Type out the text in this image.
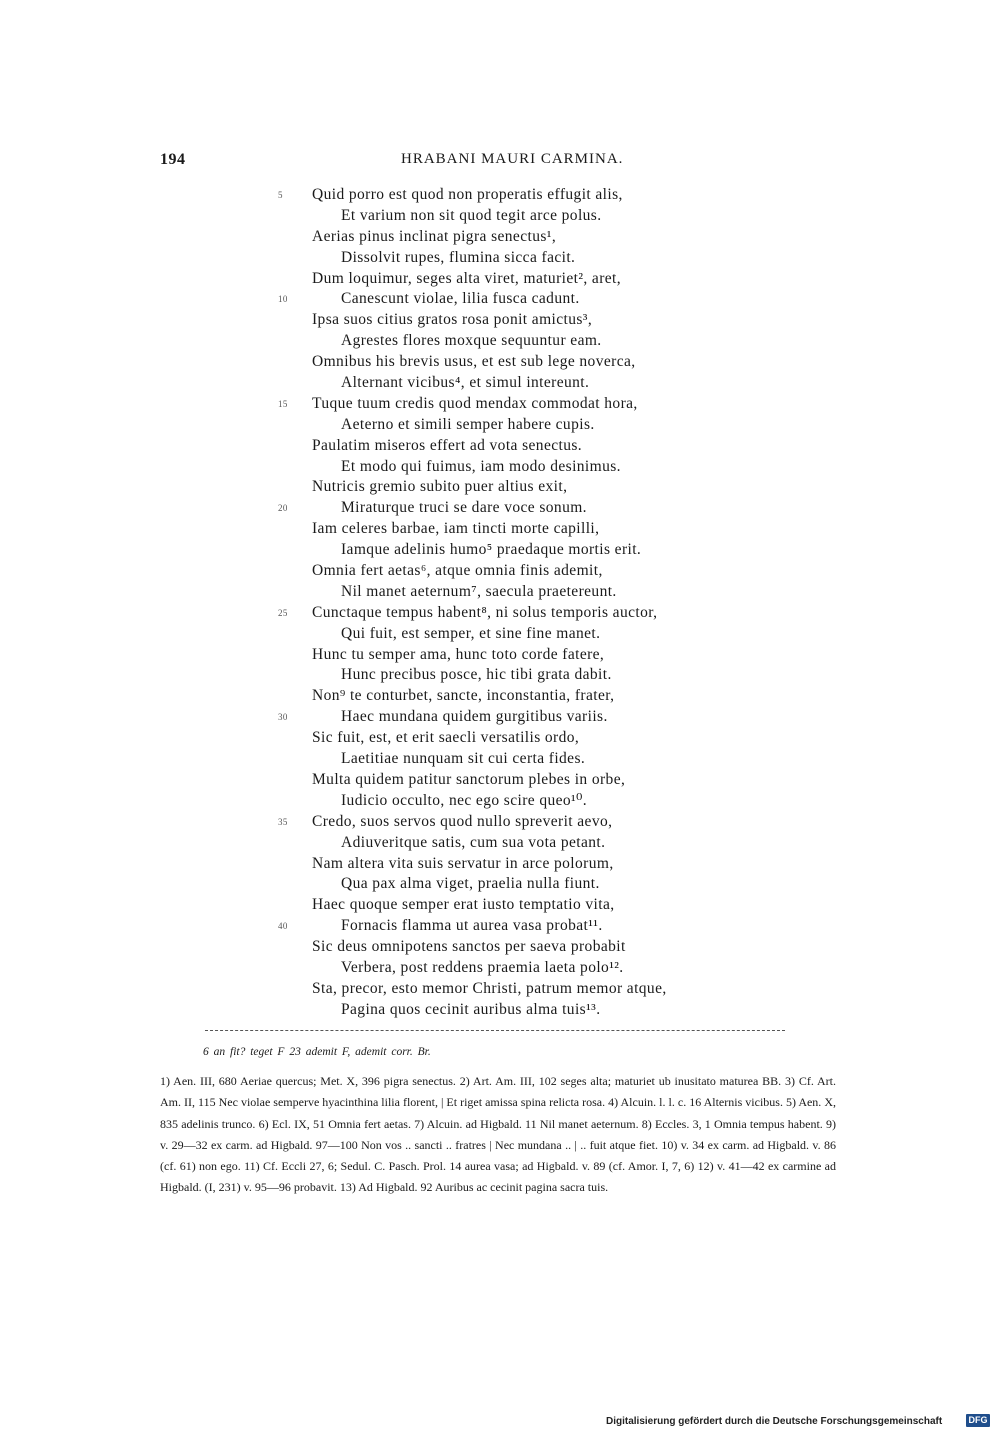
194	HRABANI MAURI CARMINA.
5 Quid porro est quod non properatis effugit alis,
Et varium non sit quod tegit arce polus.
Aerias pinus inclinat pigra senectus¹,
Dissolvit rupes, flumina sicca facit.
Dum loquimur, seges alta viret, maturiet², aret,
10	Canescunt violae, lilia fusca cadunt.
Ipsa suos citius gratos rosa ponit amictus³,
Agrestes flores moxque sequuntur eam.
Omnibus his brevis usus, et est sub lege noverca,
Alternant vicibus⁴, et simul intereunt.
15 Tuque tuum credis quod mendax commodat hora,
Aeterno et simili semper habere cupis.
Paulatim miseros effert ad vota senectus.
Et modo qui fuimus, iam modo desinimus.
Nutricis gremio subito puer altius exit,
20	Miraturque truci se dare voce sonum.
Iam celeres barbae, iam tincti morte capilli,
Iamque adelinis humo⁵ praedaque mortis erit.
Omnia fert aetas⁶, atque omnia finis ademit,
Nil manet aeternum⁷, saecula praetereunt.
25 Cunctaque tempus habent⁸, ni solus temporis auctor,
Qui fuit, est semper, et sine fine manet.
Hunc tu semper ama, hunc toto corde fatere,
Hunc precibus posce, hic tibi grata dabit.
Non⁹ te conturbet, sancte, inconstantia, frater,
30	Haec mundana quidem gurgitibus variis.
Sic fuit, est, et erit saecli versatilis ordo,
Laetitiae nunquam sit cui certa fides.
Multa quidem patitur sanctorum plebes in orbe,
Iudicio occulto, nec ego scire queo¹⁰.
35 Credo, suos servos quod nullo spreverit aevo,
Adiuveritque satis, cum sua vota petant.
Nam altera vita suis servatur in arce polorum,
Qua pax alma viget, praelia nulla fiunt.
Haec quoque semper erat iusto temptatio vita,
40	Fornacis flamma ut aurea vasa probat¹¹.
Sic deus omnipotens sanctos per saeva probabit
Verbera, post reddens praemia laeta polo¹².
Sta, precor, esto memor Christi, patrum memor atque,
Pagina quos cecinit auribus alma tuis¹³.
6 an fit? teget F 23 ademit F, ademit corr. Br.

1) Aen. III, 680 Aeriae quercus; Met. X, 396 pigra senectus. 2) Art. Am. III, 102 seges alta; maturiet ub inusitato maturea BB. 3) Cf. Art. Am. II, 115 Nec violae semperve hyacinthina lilia florent, | Et riget amissa spina relicta rosa. 4) Alcuin. l. l. c. 16 Alternis vicibus. 5) Aen. X, 835 adelinis trunco. 6) Ecl. IX, 51 Omnia fert aetas. 7) Alcuin. ad Higbald. 11 Nil manet aeternum. 8) Eccles. 3, 1 Omnia tempus habent. 9) v. 29—32 ex carm. ad Higbald. 97—100 Non vos .. sancti .. fratres | Nec mundana .. | .. fuit atque fiet. 10) v. 34 ex carm. ad Higbald. v. 86 (cf. 61) non ego. 11) Cf. Eccli 27, 6; Sedul. C. Pasch. Prol. 14 aurea vasa; ad Higbald. v. 89 (cf. Amor. I, 7, 6) 12) v. 41—42 ex carmine ad Higbald. (I, 231) v. 95—96 probavit. 13) Ad Higbald. 92 Auribus ac cecinit pagina sacra tuis.

Digitalisierung gefördert durch die Deutsche Forschungsgemeinschaft	DFG
